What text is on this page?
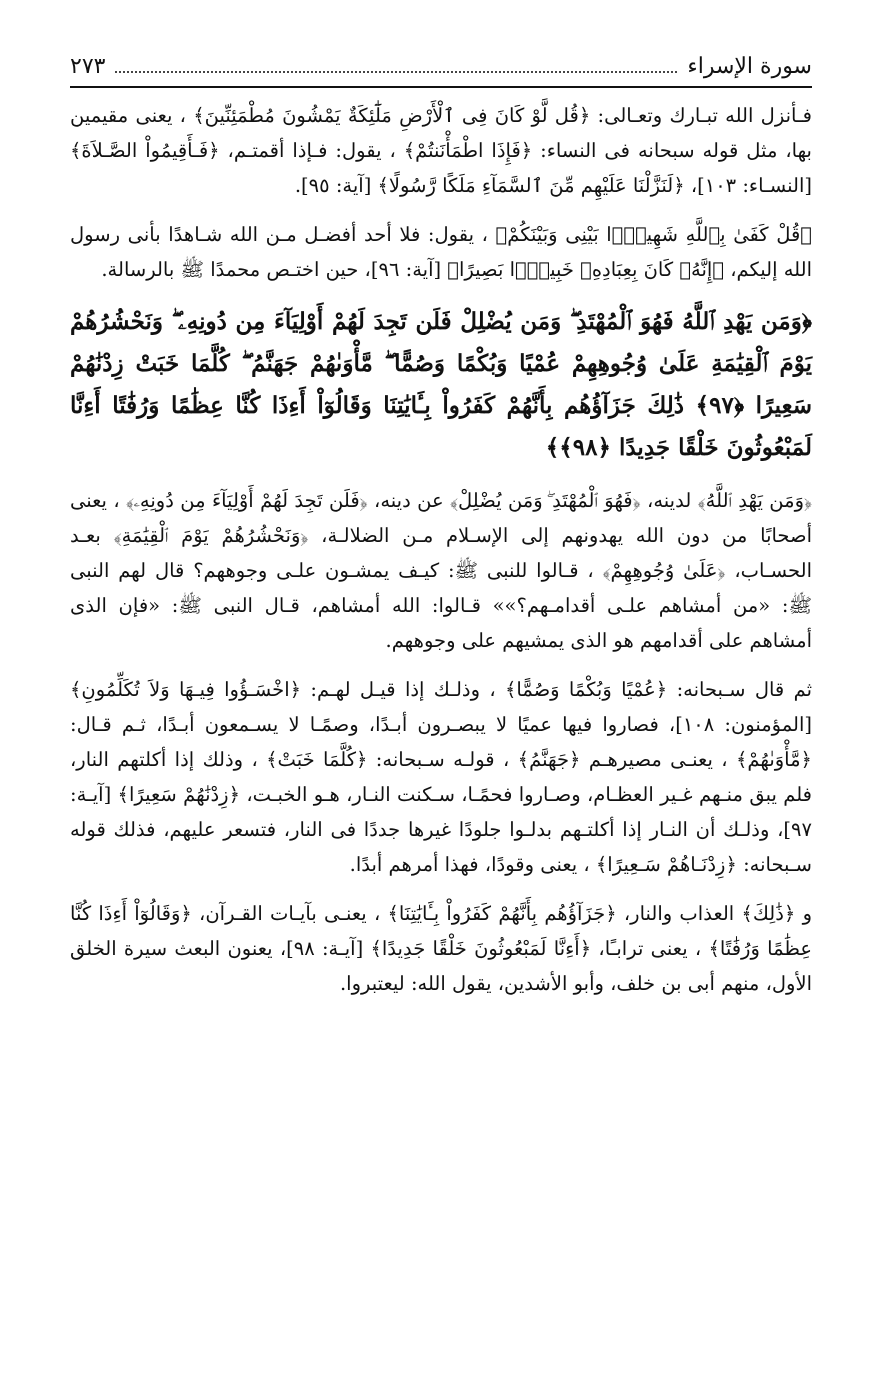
سورة الإسراء
٢٧٣

فـأنزل الله تبـارك وتعـالى: ﴿قُل لَّوْ كَانَ فِى ٱلْأَرْضِ مَلَٰٓئِكَةٌ يَمْشُونَ مُطْمَئِنِّينَ﴾ ، يعنى مقيمين بها، مثل قوله سبحانه فى النساء: ﴿فَإِذَا اطْمَأْنَنتُمْ﴾ ، يقول: فـإذا أقمتـم، ﴿فَـأَقِيمُواْ الصَّـلاَةَ﴾ [النسـاء: ١٠٣]، ﴿لَنَزَّلْنَا عَلَيْهِم مِّنَ ٱلسَّمَآءِ مَلَكًا رَّسُولًا﴾ [آية: ٩٥].

﴿قُلْ كَفَىٰ بِٱللَّهِ شَهِيدًۢا بَيْنِى وَبَيْنَكُمْ﴾ ، يقول: فلا أحد أفضـل مـن الله شـاهدًا بأنى رسول الله إليكم، ﴿إِنَّهُۥ كَانَ بِعِبَادِهِۦ خَبِيرًۢا بَصِيرًا﴾ [آية: ٩٦]، حين اختـص محمدًا ﷺ بالرسالة.

﴿وَمَن يَهْدِ ٱللَّهُ فَهُوَ ٱلْمُهْتَدِ ۖ وَمَن يُضْلِلْ فَلَن تَجِدَ لَهُمْ أَوْلِيَآءَ مِن دُونِهِۦ ۖ وَنَحْشُرُهُمْ يَوْمَ ٱلْقِيَٰمَةِ عَلَىٰ وُجُوهِهِمْ عُمْيًا وَبُكْمًا وَصُمًّا ۖ مَّأْوَىٰهُمْ جَهَنَّمُ ۖ كُلَّمَا خَبَتْ زِدْنَٰهُمْ سَعِيرًا ﴿٩٧﴾ ذَٰلِكَ جَزَآؤُهُم بِأَنَّهُمْ كَفَرُواْ بِـَٔايَٰتِنَا وَقَالُوٓاْ أَءِذَا كُنَّا عِظَٰمًا وَرُفَٰتًا أَءِنَّا لَمَبْعُوثُونَ خَلْقًا جَدِيدًا ﴿٩٨﴾﴾

﴿وَمَن يَهْدِ ٱللَّهُ﴾ لدينه، ﴿فَهُوَ ٱلْمُهْتَدِ ۖ وَمَن يُضْلِلْ﴾ عن دينه، ﴿فَلَن تَجِدَ لَهُمْ أَوْلِيَآءَ مِن دُونِهِۦ﴾ ، يعنى أصحابًا من دون الله يهدونهم إلى الإسـلام مـن الضلالـة، ﴿وَنَحْشُرُهُمْ يَوْمَ ٱلْقِيَٰمَةِ﴾ بعـد الحسـاب، ﴿عَلَىٰ وُجُوهِهِمْ﴾ ، قـالوا للنبى ﷺ: كيـف يمشـون علـى وجوههم؟ قال لهم النبى ﷺ: «من أمشاهم علـى أقدامـهم؟»» قـالوا: الله أمشاهم، قـال النبى ﷺ: «فإن الذى أمشاهم على أقدامهم هو الذى يمشيهم على وجوههم.

ثم قال سـبحانه: ﴿عُمْيًا وَبُكْمًا وَصُمًّا﴾ ، وذلـك إذا قيـل لهـم: ﴿اخْسَـؤُوا فِيـهَا وَلاَ تُكَلِّمُونِ﴾ [المؤمنون: ١٠٨]، فصاروا فيها عميًا لا يبصـرون أبـدًا، وصمًـا لا يسـمعون أبـدًا، ثـم قـال: ﴿مَّأْوَىٰهُمْ﴾ ، يعنـى مصيرهـم ﴿جَهَنَّمُ﴾ ، قولـه سـبحانه: ﴿كُلَّمَا خَبَتْ﴾ ، وذلك إذا أكلتهم النار، فلم يبق منـهم غـير العظـام، وصـاروا فحمًـا، سـكنت النـار، هـو الخبـت، ﴿زِدْنَٰهُمْ سَعِيرًا﴾ [آيـة: ٩٧]، وذلـك أن النـار إذا أكلتـهم بدلـوا جلودًا غيرها جددًا فى النار، فتسعر عليهم، فذلك قوله سـبحانه: ﴿زِدْنَـاهُمْ سَـعِيرًا﴾ ، يعنى وقودًا، فهذا أمرهم أبدًا.

و ﴿ذَٰلِكَ﴾ العذاب والنار، ﴿جَزَآؤُهُم بِأَنَّهُمْ كَفَرُواْ بِـَٔايَٰتِنَا﴾ ، يعنـى بآيـات القـرآن، ﴿وَقَالُوٓاْ أَءِذَا كُنَّا عِظَٰمًا وَرُفَٰتًا﴾ ، يعنى ترابـًا، ﴿أَءِنَّا لَمَبْعُوثُونَ خَلْقًا جَدِيدًا﴾ [آيـة: ٩٨]، يعنون البعث سيرة الخلق الأول، منهم أبى بن خلف، وأبو الأشدين، يقول الله: ليعتبروا.
